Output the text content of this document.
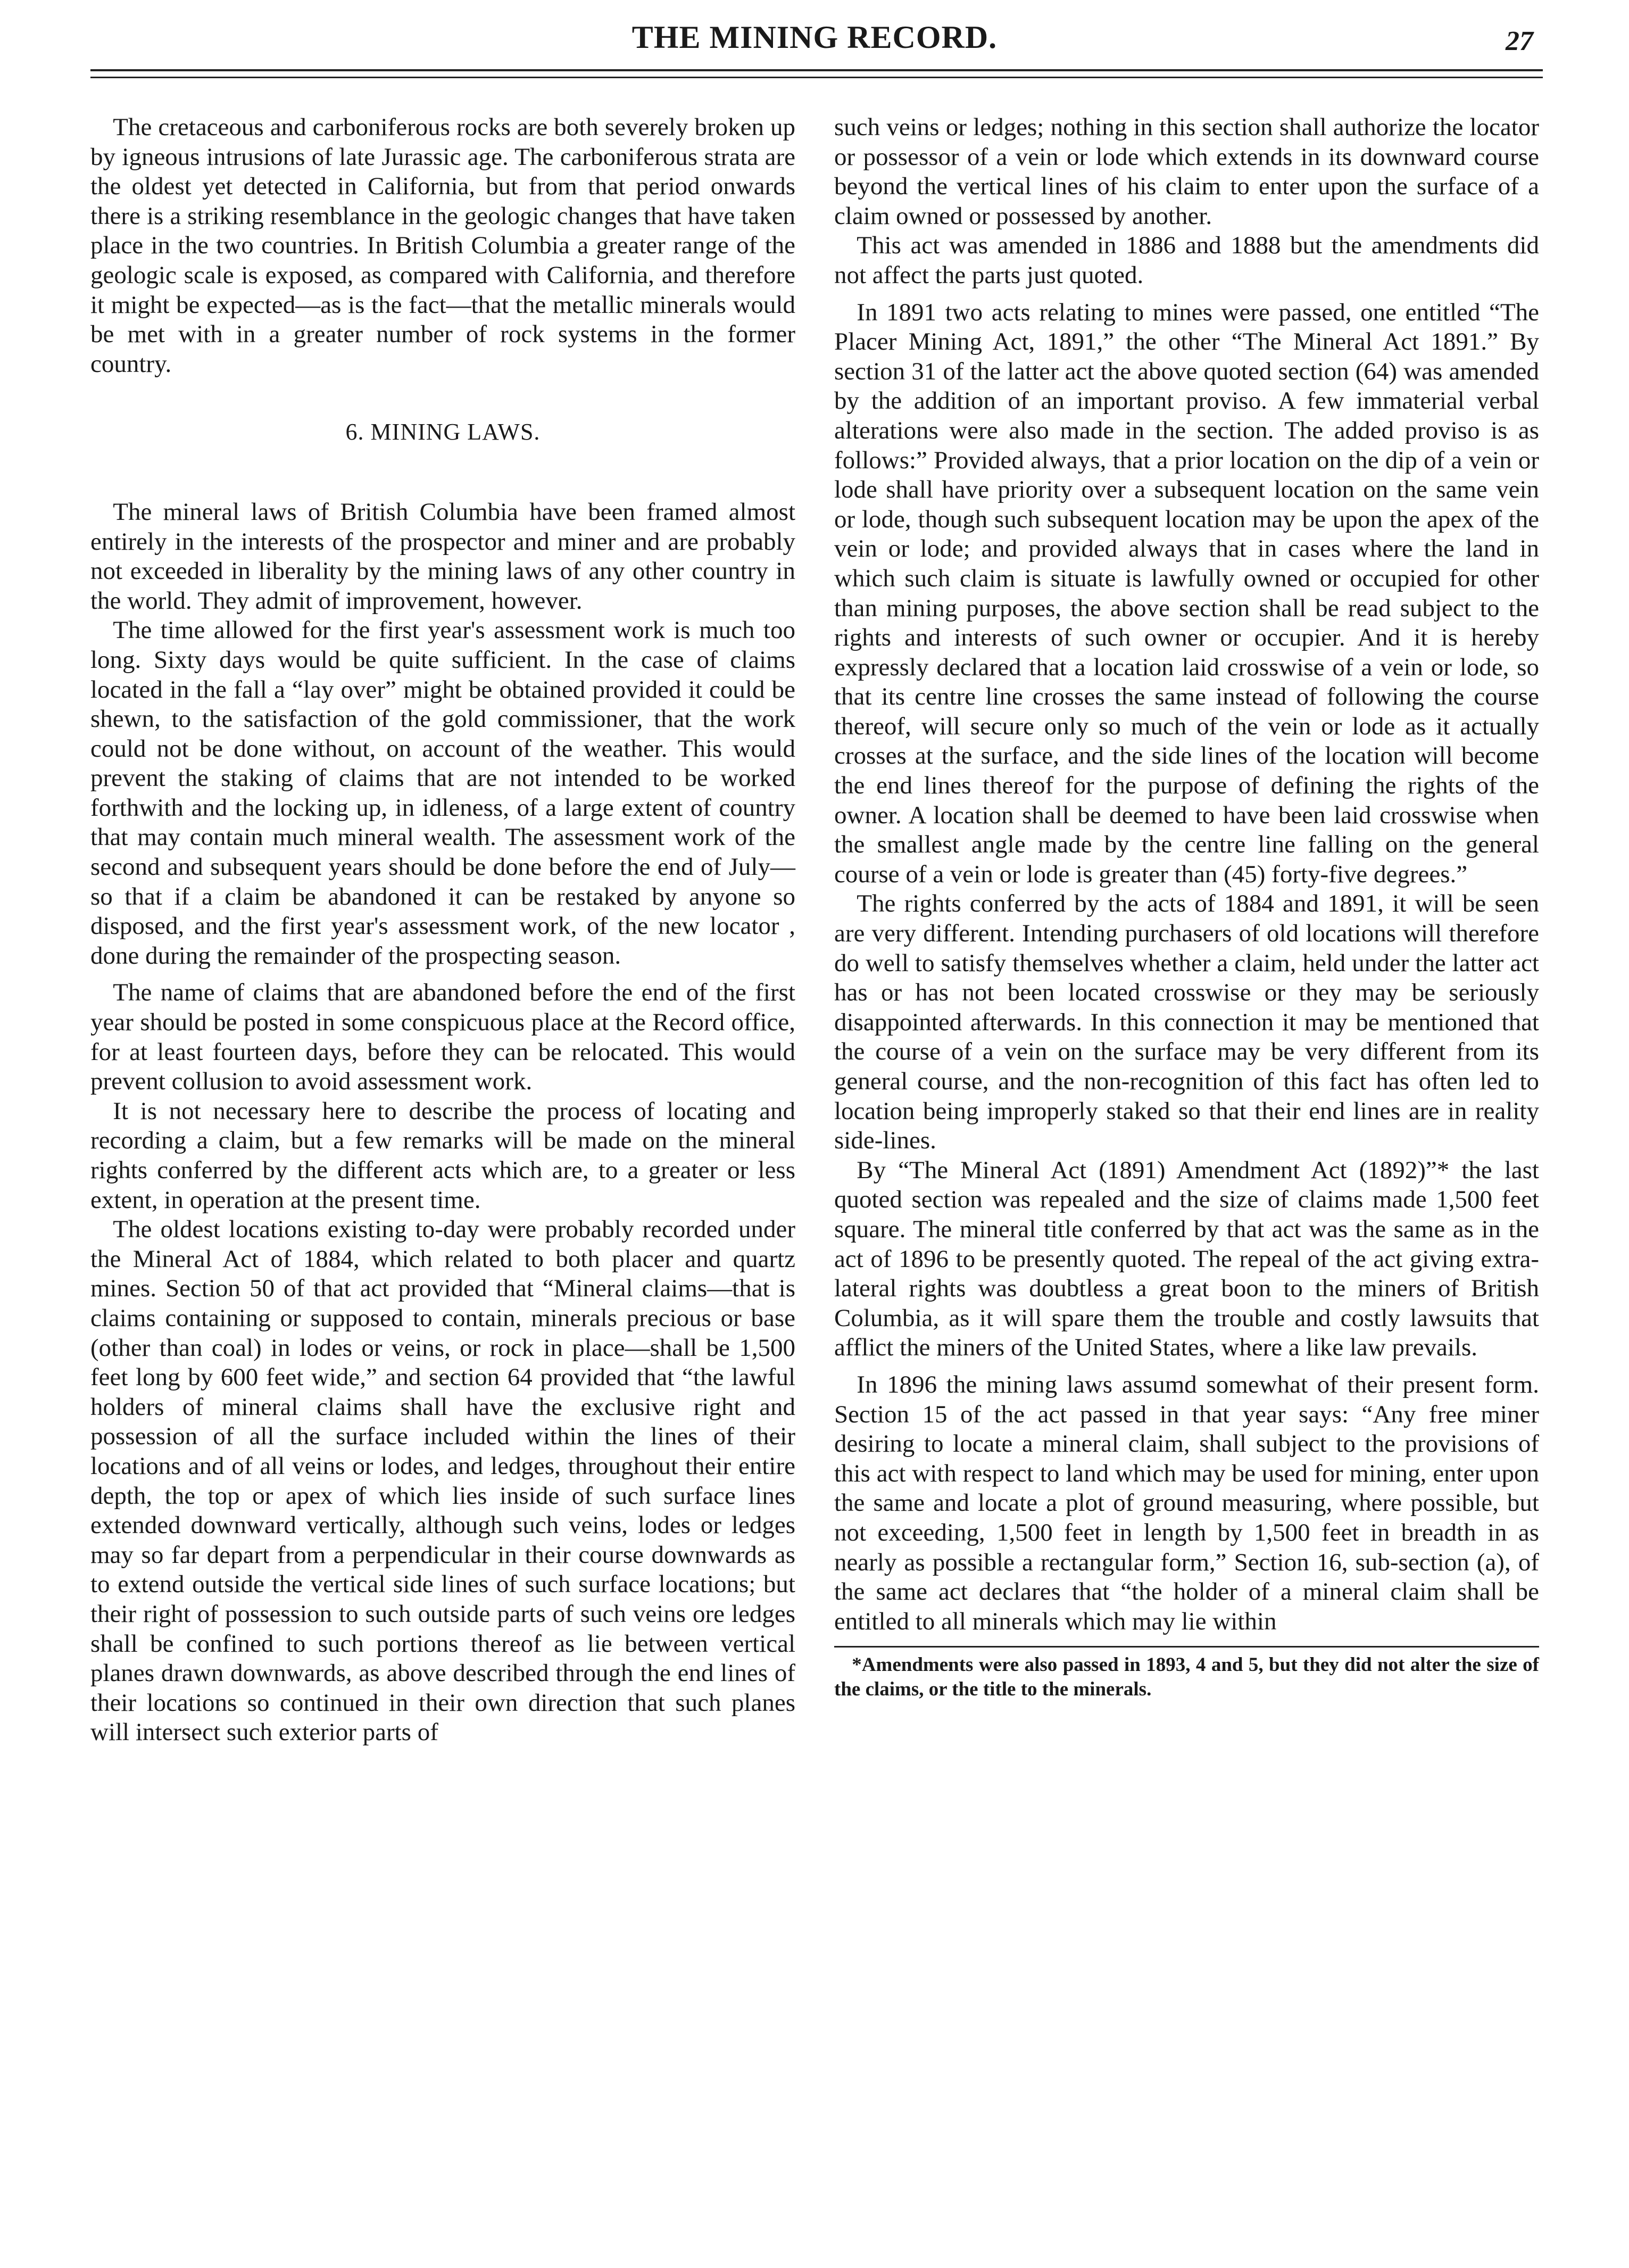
THE MINING RECORD.	27

The cretaceous and carboniferous rocks are both severely broken up by igneous intrusions of late Jurassic age. The carboniferous strata are the oldest yet detected in California, but from that period onwards there is a striking resemblance in the geologic changes that have taken place in the two countries. In British Columbia a greater range of the geologic scale is exposed, as compared with California, and therefore it might be expected—as is the fact—that the metallic minerals would be met with in a greater number of rock systems in the former country.

6. MINING LAWS.

The mineral laws of British Columbia have been framed almost entirely in the interests of the prospector and miner and are probably not exceeded in liberality by the mining laws of any other country in the world. They admit of improvement, however.

The time allowed for the first year's assessment work is much too long. Sixty days would be quite sufficient. In the case of claims located in the fall a “lay over” might be obtained provided it could be shewn, to the satisfaction of the gold commissioner, that the work could not be done without, on account of the weather. This would prevent the staking of claims that are not intended to be worked forthwith and the locking up, in idleness, of a large extent of country that may contain much mineral wealth. The assessment work of the second and subsequent years should be done before the end of July—so that if a claim be abandoned it can be restaked by anyone so disposed, and the first year's assessment work, of the new locator , done during the remainder of the prospecting season.

The name of claims that are abandoned before the end of the first year should be posted in some conspicuous place at the Record office, for at least fourteen days, before they can be relocated. This would prevent collusion to avoid assessment work.

It is not necessary here to describe the process of locating and recording a claim, but a few remarks will be made on the mineral rights conferred by the different acts which are, to a greater or less extent, in operation at the present time.

The oldest locations existing to-day were probably recorded under the Mineral Act of 1884, which related to both placer and quartz mines. Section 50 of that act provided that “Mineral claims—that is claims containing or supposed to contain, minerals precious or base (other than coal) in lodes or veins, or rock in place—shall be 1,500 feet long by 600 feet wide,” and section 64 provided that “the lawful holders of mineral claims shall have the exclusive right and possession of all the surface included within the lines of their locations and of all veins or lodes, and ledges, throughout their entire depth, the top or apex of which lies inside of such surface lines extended downward vertically, although such veins, lodes or ledges may so far depart from a perpendicular in their course downwards as to extend outside the vertical side lines of such surface locations; but their right of possession to such outside parts of such veins ore ledges shall be confined to such portions thereof as lie between vertical planes drawn downwards, as above described through the end lines of their locations so continued in their own direction that such planes will intersect such exterior parts of

such veins or ledges; nothing in this section shall authorize the locator or possessor of a vein or lode which extends in its downward course beyond the vertical lines of his claim to enter upon the surface of a claim owned or possessed by another.

This act was amended in 1886 and 1888 but the amendments did not affect the parts just quoted.

In 1891 two acts relating to mines were passed, one entitled “The Placer Mining Act, 1891,” the other “The Mineral Act 1891.” By section 31 of the latter act the above quoted section (64) was amended by the addition of an important proviso. A few immaterial verbal alterations were also made in the section. The added proviso is as follows:” Provided always, that a prior location on the dip of a vein or lode shall have priority over a subsequent location on the same vein or lode, though such subsequent location may be upon the apex of the vein or lode; and provided always that in cases where the land in which such claim is situate is lawfully owned or occupied for other than mining purposes, the above section shall be read subject to the rights and interests of such owner or occupier. And it is hereby expressly declared that a location laid crosswise of a vein or lode, so that its centre line crosses the same instead of following the course thereof, will secure only so much of the vein or lode as it actually crosses at the surface, and the side lines of the location will become the end lines thereof for the purpose of defining the rights of the owner. A location shall be deemed to have been laid crosswise when the smallest angle made by the centre line falling on the general course of a vein or lode is greater than (45) forty-five degrees.”

The rights conferred by the acts of 1884 and 1891, it will be seen are very different. Intending purchasers of old locations will therefore do well to satisfy themselves whether a claim, held under the latter act has or has not been located crosswise or they may be seriously disappointed afterwards. In this connection it may be mentioned that the course of a vein on the surface may be very different from its general course, and the non-recognition of this fact has often led to location being improperly staked so that their end lines are in reality side-lines.

By “The Mineral Act (1891) Amendment Act (1892)”* the last quoted section was repealed and the size of claims made 1,500 feet square. The mineral title conferred by that act was the same as in the act of 1896 to be presently quoted. The repeal of the act giving extra-lateral rights was doubtless a great boon to the miners of British Columbia, as it will spare them the trouble and costly lawsuits that afflict the miners of the United States, where a like law prevails.

In 1896 the mining laws assumd somewhat of their present form. Section 15 of the act passed in that year says: “Any free miner desiring to locate a mineral claim, shall subject to the provisions of this act with respect to land which may be used for mining, enter upon the same and locate a plot of ground measuring, where possible, but not exceeding, 1,500 feet in length by 1,500 feet in breadth in as nearly as possible a rectangular form,” Section 16, sub-section (a), of the same act declares that “the holder of a mineral claim shall be entitled to all minerals which may lie within

*Amendments were also passed in 1893, 4 and 5, but they did not alter the size of the claims, or the title to the minerals.
